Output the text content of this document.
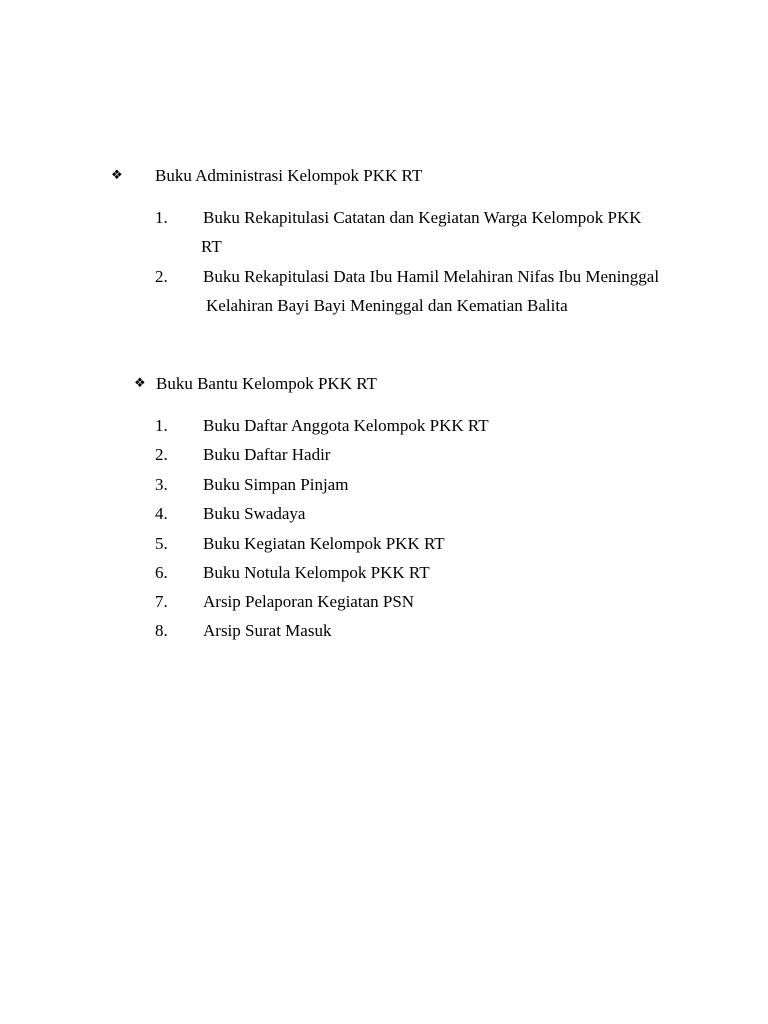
❖ Buku Administrasi Kelompok PKK RT
1. Buku Rekapitulasi Catatan dan Kegiatan Warga Kelompok PKK
RT
2. Buku Rekapitulasi Data Ibu Hamil Melahiran Nifas Ibu Meninggal
Kelahiran Bayi Bayi Meninggal dan Kematian Balita
❖ Buku Bantu Kelompok PKK RT
1. Buku Daftar Anggota Kelompok PKK RT
2. Buku Daftar Hadir
3. Buku Simpan Pinjam
4. Buku Swadaya
5. Buku Kegiatan Kelompok PKK RT
6. Buku Notula Kelompok PKK RT
7. Arsip Pelaporan Kegiatan PSN
8. Arsip Surat Masuk
